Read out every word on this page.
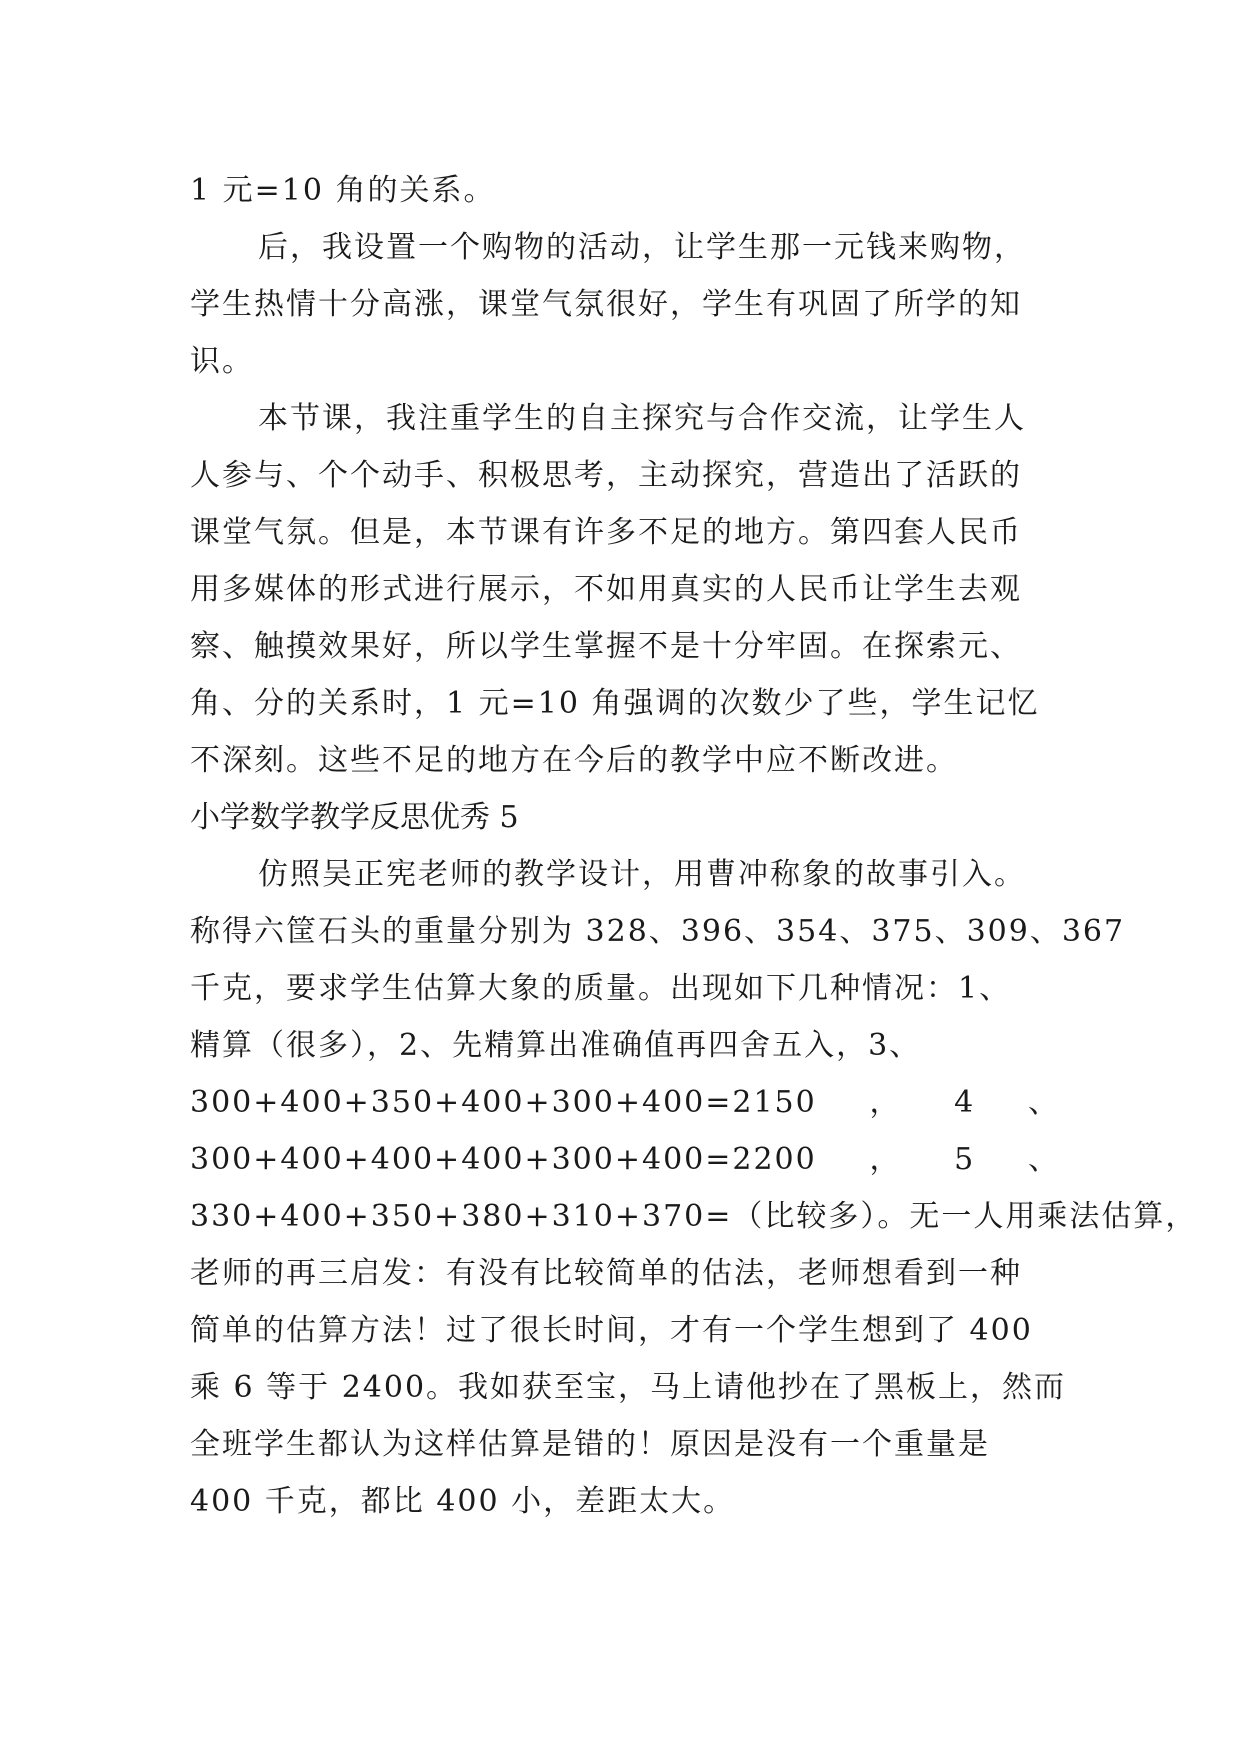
1 元=10 角的关系。
后，我设置一个购物的活动，让学生那一元钱来购物，
学生热情十分高涨，课堂气氛很好，学生有巩固了所学的知
识。
本节课，我注重学生的自主探究与合作交流，让学生人
人参与、个个动手、积极思考，主动探究，营造出了活跃的
课堂气氛。但是，本节课有许多不足的地方。第四套人民币
用多媒体的形式进行展示，不如用真实的人民币让学生去观
察、触摸效果好，所以学生掌握不是十分牢固。在探索元、
角、分的关系时，1 元=10 角强调的次数少了些，学生记忆
不深刻。这些不足的地方在今后的教学中应不断改进。
小学数学教学反思优秀 5
仿照吴正宪老师的教学设计，用曹冲称象的故事引入。
称得六筐石头的重量分别为 328、396、354、375、309、367
千克，要求学生估算大象的质量。出现如下几种情况：1、
精算（很多），2、先精算出准确值再四舍五入，3、
300+400+350+400+300+400=2150 ， 4 、
300+400+400+400+300+400=2200 ， 5 、
330+400+350+380+310+370=（比较多）。无一人用乘法估算，
老师的再三启发：有没有比较简单的估法，老师想看到一种
简单的估算方法！过了很长时间，才有一个学生想到了 400
乘 6 等于 2400。我如获至宝，马上请他抄在了黑板上，然而
全班学生都认为这样估算是错的！原因是没有一个重量是
400 千克，都比 400 小，差距太大。
